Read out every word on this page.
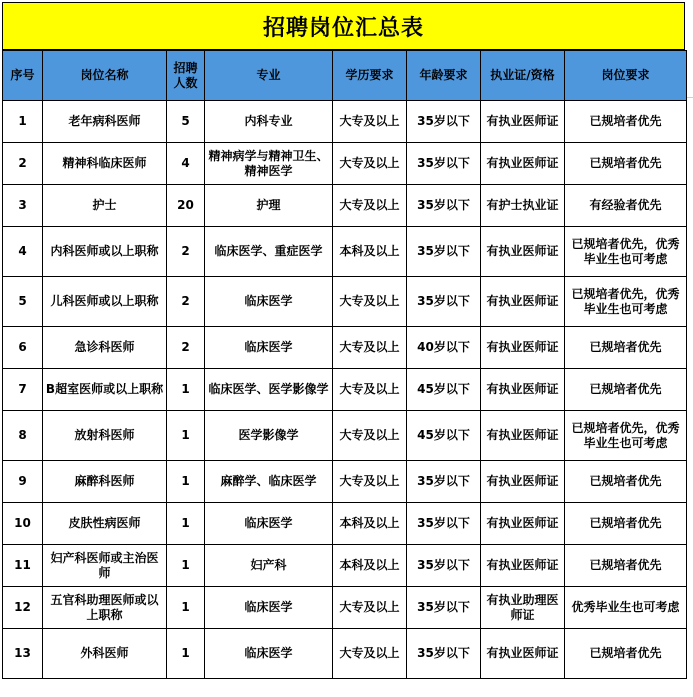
招聘岗位汇总表
序号	岗位名称	招聘人数	专业	学历要求	年龄要求	执业证/资格	岗位要求
1	老年病科医师	5	内科专业	大专及以上	35岁以下	有执业医师证	已规培者优先
2	精神科临床医师	4	精神病学与精神卫生、精神医学	大专及以上	35岁以下	有执业医师证	已规培者优先
3	护士	20	护理	大专及以上	35岁以下	有护士执业证	有经验者优先
4	内科医师或以上职称	2	临床医学、重症医学	本科及以上	35岁以下	有执业医师证	已规培者优先，优秀毕业生也可考虑
5	儿科医师或以上职称	2	临床医学	大专及以上	35岁以下	有执业医师证	已规培者优先，优秀毕业生也可考虑
6	急诊科医师	2	临床医学	大专及以上	40岁以下	有执业医师证	已规培者优先
7	B超室医师或以上职称	1	临床医学、医学影像学	大专及以上	45岁以下	有执业医师证	已规培者优先
8	放射科医师	1	医学影像学	大专及以上	45岁以下	有执业医师证	已规培者优先，优秀毕业生也可考虑
9	麻醉科医师	1	麻醉学、临床医学	大专及以上	35岁以下	有执业医师证	已规培者优先
10	皮肤性病医师	1	临床医学	本科及以上	35岁以下	有执业医师证	已规培者优先
11	妇产科医师或主治医师	1	妇产科	本科及以上	35岁以下	有执业医师证	已规培者优先
12	五官科助理医师或以上职称	1	临床医学	大专及以上	35岁以下	有执业助理医师证	优秀毕业生也可考虑
13	外科医师	1	临床医学	大专及以上	35岁以下	有执业医师证	已规培者优先
